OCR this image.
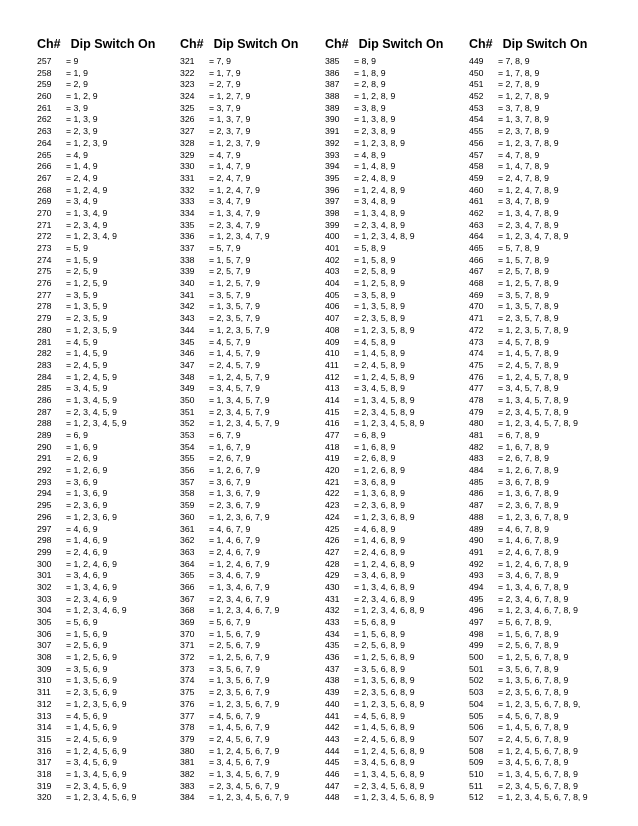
Ch# Dip Switch On
257 = 9
258 = 1, 9
259 = 2, 9
260 = 1, 2, 9
261 = 3, 9
262 = 1, 3, 9
263 = 2, 3, 9
264 = 1, 2, 3, 9
265 = 4, 9
266 = 1, 4, 9
267 = 2, 4, 9
268 = 1, 2, 4, 9
269 = 3, 4, 9
270 = 1, 3, 4, 9
271 = 2, 3, 4, 9
272 = 1, 2, 3, 4, 9
273 = 5, 9
274 = 1, 5, 9
275 = 2, 5, 9
276 = 1, 2, 5, 9
277 = 3, 5, 9
278 = 1, 3, 5, 9
279 = 2, 3, 5, 9
280 = 1, 2, 3, 5, 9
281 = 4, 5, 9
282 = 1, 4, 5, 9
283 = 2, 4, 5, 9
284 = 1, 2, 4, 5, 9
285 = 3, 4, 5, 9
286 = 1, 3, 4, 5, 9
287 = 2, 3, 4, 5, 9
288 = 1, 2, 3, 4, 5, 9
289 = 6, 9
290 = 1, 6, 9
291 = 2, 6, 9
292 = 1, 2, 6, 9
293 = 3, 6, 9
294 = 1, 3, 6, 9
295 = 2, 3, 6, 9
296 = 1, 2, 3, 6, 9
297 = 4, 6, 9
298 = 1, 4, 6, 9
299 = 2, 4, 6, 9
300 = 1, 2, 4, 6, 9
301 = 3, 4, 6, 9
302 = 1, 3, 4, 6, 9
303 = 2, 3, 4, 6, 9
304 = 1, 2, 3, 4, 6, 9
305 = 5, 6, 9
306 = 1, 5, 6, 9
307 = 2, 5, 6, 9
308 = 1, 2, 5, 6, 9
309 = 3, 5, 6, 9
310 = 1, 3, 5, 6, 9
311 = 2, 3, 5, 6, 9
312 = 1, 2, 3, 5, 6, 9
313 = 4, 5, 6, 9
314 = 1, 4, 5, 6, 9
315 = 2, 4, 5, 6, 9
316 = 1, 2, 4, 5, 6, 9
317 = 3, 4, 5, 6, 9
318 = 1, 3, 4, 5, 6, 9
319 = 2, 3, 4, 5, 6, 9
320 = 1, 2, 3, 4, 5, 6, 9
Ch# Dip Switch On
321 = 7, 9
322 = 1, 7, 9
323 = 2, 7, 9
324 = 1, 2, 7, 9
325 = 3, 7, 9
326 = 1, 3, 7, 9
327 = 2, 3, 7, 9
328 = 1, 2, 3, 7, 9
329 = 4, 7, 9
330 = 1, 4, 7, 9
331 = 2, 4, 7, 9
332 = 1, 2, 4, 7, 9
333 = 3, 4, 7, 9
334 = 1, 3, 4, 7, 9
335 = 2, 3, 4, 7, 9
336 = 1, 2, 3, 4, 7, 9
337 = 5, 7, 9
338 = 1, 5, 7, 9
339 = 2, 5, 7, 9
340 = 1, 2, 5, 7, 9
341 = 3, 5, 7, 9
342 = 1, 3, 5, 7, 9
343 = 2, 3, 5, 7, 9
344 = 1, 2, 3, 5, 7, 9
345 = 4, 5, 7, 9
346 = 1, 4, 5, 7, 9
347 = 2, 4, 5, 7, 9
348 = 1, 2, 4, 5, 7, 9
349 = 3, 4, 5, 7, 9
350 = 1, 3, 4, 5, 7, 9
351 = 2, 3, 4, 5, 7, 9
352 = 1, 2, 3, 4, 5, 7, 9
353 = 6, 7, 9
354 = 1, 6, 7, 9
355 = 2, 6, 7, 9
356 = 1, 2, 6, 7, 9
357 = 3, 6, 7, 9
358 = 1, 3, 6, 7, 9
359 = 2, 3, 6, 7, 9
360 = 1, 2, 3, 6, 7, 9
361 = 4, 6, 7, 9
362 = 1, 4, 6, 7, 9
363 = 2, 4, 6, 7, 9
364 = 1, 2, 4, 6, 7, 9
365 = 3, 4, 6, 7, 9
366 = 1, 3, 4, 6, 7, 9
367 = 2, 3, 4, 6, 7, 9
368 = 1, 2, 3, 4, 6, 7, 9
369 = 5, 6, 7, 9
370 = 1, 5, 6, 7, 9
371 = 2, 5, 6, 7, 9
372 = 1, 2, 5, 6, 7, 9
373 = 3, 5, 6, 7, 9
374 = 1, 3, 5, 6, 7, 9
375 = 2, 3, 5, 6, 7, 9
376 = 1, 2, 3, 5, 6, 7, 9
377 = 4, 5, 6, 7, 9
378 = 1, 4, 5, 6, 7, 9
379 = 2, 4, 5, 6, 7, 9
380 = 1, 2, 4, 5, 6, 7, 9
381 = 3, 4, 5, 6, 7, 9
382 = 1, 3, 4, 5, 6, 7, 9
383 = 2, 3, 4, 5, 6, 7, 9
384 = 1, 2, 3, 4, 5, 6, 7, 9
Ch# Dip Switch On
385 = 8, 9
386 = 1, 8, 9
387 = 2, 8, 9
388 = 1, 2, 8, 9
389 = 3, 8, 9
390 = 1, 3, 8, 9
391 = 2, 3, 8, 9
392 = 1, 2, 3, 8, 9
393 = 4, 8, 9
394 = 1, 4, 8, 9
395 = 2, 4, 8, 9
396 = 1, 2, 4, 8, 9
397 = 3, 4, 8, 9
398 = 1, 3, 4, 8, 9
399 = 2, 3, 4, 8, 9
400 = 1, 2, 3, 4, 8, 9
401 = 5, 8, 9
402 = 1, 5, 8, 9
403 = 2, 5, 8, 9
404 = 1, 2, 5, 8, 9
405 = 3, 5, 8, 9
406 = 1, 3, 5, 8, 9
407 = 2, 3, 5, 8, 9
408 = 1, 2, 3, 5, 8, 9
409 = 4, 5, 8, 9
410 = 1, 4, 5, 8, 9
411 = 2, 4, 5, 8, 9
412 = 1, 2, 4, 5, 8, 9
413 = 3, 4, 5, 8, 9
414 = 1, 3, 4, 5, 8, 9
415 = 2, 3, 4, 5, 8, 9
416 = 1, 2, 3, 4, 5, 8, 9
477 = 6, 8, 9
418 = 1, 6, 8, 9
419 = 2, 6, 8, 9
420 = 1, 2, 6, 8, 9
421 = 3, 6, 8, 9
422 = 1, 3, 6, 8, 9
423 = 2, 3, 6, 8, 9
424 = 1, 2, 3, 6, 8, 9
425 = 4, 6, 8, 9
426 = 1, 4, 6, 8, 9
427 = 2, 4, 6, 8, 9
428 = 1, 2, 4, 6, 8, 9
429 = 3, 4, 6, 8, 9
430 = 1, 3, 4, 6, 8, 9
431 = 2, 3, 4, 6, 8, 9
432 = 1, 2, 3, 4, 6, 8, 9
433 = 5, 6, 8, 9
434 = 1, 5, 6, 8, 9
435 = 2, 5, 6, 8, 9
436 = 1, 2, 5, 6, 8, 9
437 = 3, 5, 6, 8, 9
438 = 1, 3, 5, 6, 8, 9
439 = 2, 3, 5, 6, 8, 9
440 = 1, 2, 3, 5, 6, 8, 9
441 = 4, 5, 6, 8, 9
442 = 1, 4, 5, 6, 8, 9
443 = 2, 4, 5, 6, 8, 9
444 = 1, 2, 4, 5, 6, 8, 9
445 = 3, 4, 5, 6, 8, 9
446 = 1, 3, 4, 5, 6, 8, 9
447 = 2, 3, 4, 5, 6, 8, 9
448 = 1, 2, 3, 4, 5, 6, 8, 9
Ch# Dip Switch On
449 = 7, 8, 9
450 = 1, 7, 8, 9
451 = 2, 7, 8, 9
452 = 1, 2, 7, 8, 9
453 = 3, 7, 8, 9
454 = 1, 3, 7, 8, 9
455 = 2, 3, 7, 8, 9
456 = 1, 2, 3, 7, 8, 9
457 = 4, 7, 8, 9
458 = 1, 4, 7, 8, 9
459 = 2, 4, 7, 8, 9
460 = 1, 2, 4, 7, 8, 9
461 = 3, 4, 7, 8, 9
462 = 1, 3, 4, 7, 8, 9
463 = 2, 3, 4, 7, 8, 9
464 = 1, 2, 3, 4, 7, 8, 9
465 = 5, 7, 8, 9
466 = 1, 5, 7, 8, 9
467 = 2, 5, 7, 8, 9
468 = 1, 2, 5, 7, 8, 9
469 = 3, 5, 7, 8, 9
470 = 1, 3, 5, 7, 8, 9
471 = 2, 3, 5, 7, 8, 9
472 = 1, 2, 3, 5, 7, 8, 9
473 = 4, 5, 7, 8, 9
474 = 1, 4, 5, 7, 8, 9
475 = 2, 4, 5, 7, 8, 9
476 = 1, 2, 4, 5, 7, 8, 9
477 = 3, 4, 5, 7, 8, 9
478 = 1, 3, 4, 5, 7, 8, 9
479 = 2, 3, 4, 5, 7, 8, 9
480 = 1, 2, 3, 4, 5, 7, 8, 9
481 = 6, 7, 8, 9
482 = 1, 6, 7, 8, 9
483 = 2, 6, 7, 8, 9
484 = 1, 2, 6, 7, 8, 9
485 = 3, 6, 7, 8, 9
486 = 1, 3, 6, 7, 8, 9
487 = 2, 3, 6, 7, 8, 9
488 = 1, 2, 3, 6, 7, 8, 9
489 = 4, 6, 7, 8, 9
490 = 1, 4, 6, 7, 8, 9
491 = 2, 4, 6, 7, 8, 9
492 = 1, 2, 4, 6, 7, 8, 9
493 = 3, 4, 6, 7, 8, 9
494 = 1, 3, 4, 6, 7, 8, 9
495 = 2, 3, 4, 6, 7, 8, 9
496 = 1, 2, 3, 4, 6, 7, 8, 9
497 = 5, 6, 7, 8, 9,
498 = 1, 5, 6, 7, 8, 9
499 = 2, 5, 6, 7, 8, 9
500 = 1, 2, 5, 6, 7, 8, 9
501 = 3, 5, 6, 7, 8, 9
502 = 1, 3, 5, 6, 7, 8, 9
503 = 2, 3, 5, 6, 7, 8, 9
504 = 1, 2, 3, 5, 6, 7, 8, 9,
505 = 4, 5, 6, 7, 8, 9
506 = 1, 4, 5, 6, 7, 8, 9
507 = 2, 4, 5, 6, 7, 8, 9
508 = 1, 2, 4, 5, 6, 7, 8, 9
509 = 3, 4, 5, 6, 7, 8, 9
510 = 1, 3, 4, 5, 6, 7, 8, 9
511 = 2, 3, 4, 5, 6, 7, 8, 9
512 = 1, 2, 3, 4, 5, 6, 7, 8, 9
